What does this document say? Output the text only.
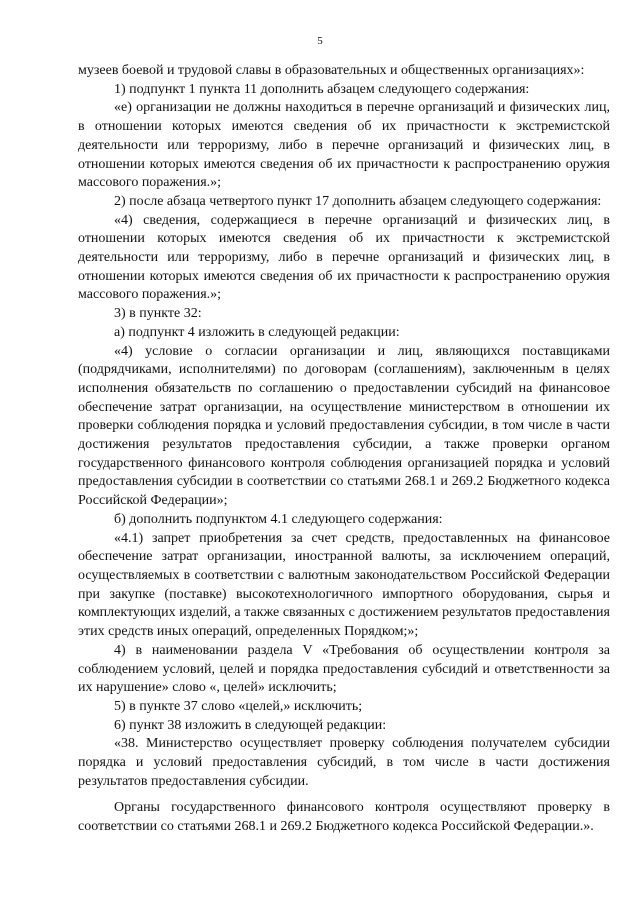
5

музеев боевой и трудовой славы в образовательных и общественных организациях»:

1) подпункт 1 пункта 11 дополнить абзацем следующего содержания:

«е) организации не должны находиться в перечне организаций и физических лиц, в отношении которых имеются сведения об их причастности к экстремистской деятельности или терроризму, либо в перечне организаций и физических лиц, в отношении которых имеются сведения об их причастности к распространению оружия массового поражения.»;

2) после абзаца четвертого пункт 17 дополнить абзацем следующего содержания:

«4) сведения, содержащиеся в перечне организаций и физических лиц, в отношении которых имеются сведения об их причастности к экстремистской деятельности или терроризму, либо в перечне организаций и физических лиц, в отношении которых имеются сведения об их причастности к распространению оружия массового поражения.»;

3) в пункте 32:

а) подпункт 4 изложить в следующей редакции:

«4) условие о согласии организации и лиц, являющихся поставщиками (подрядчиками, исполнителями) по договорам (соглашениям), заключенным в целях исполнения обязательств по соглашению о предоставлении субсидий на финансовое обеспечение затрат организации, на осуществление министерством в отношении их проверки соблюдения порядка и условий предоставления субсидии, в том числе в части достижения результатов предоставления субсидии, а также проверки органом государственного финансового контроля соблюдения организацией порядка и условий предоставления субсидии в соответствии со статьями 268.1 и 269.2 Бюджетного кодекса Российской Федерации»;

б) дополнить подпунктом 4.1 следующего содержания:

«4.1) запрет приобретения за счет средств, предоставленных на финансовое обеспечение затрат организации, иностранной валюты, за исключением операций, осуществляемых в соответствии с валютным законодательством Российской Федерации при закупке (поставке) высокотехнологичного импортного оборудования, сырья и комплектующих изделий, а также связанных с достижением результатов предоставления этих средств иных операций, определенных Порядком;»;

4) в наименовании раздела V «Требования об осуществлении контроля за соблюдением условий, целей и порядка предоставления субсидий и ответственности за их нарушение» слово «, целей» исключить;

5) в пункте 37 слово «целей,» исключить;

6) пункт 38 изложить в следующей редакции:

«38. Министерство осуществляет проверку соблюдения получателем субсидии порядка и условий предоставления субсидий, в том числе в части достижения результатов предоставления субсидии.

Органы государственного финансового контроля осуществляют проверку в соответствии со статьями 268.1 и 269.2 Бюджетного кодекса Российской Федерации.».
